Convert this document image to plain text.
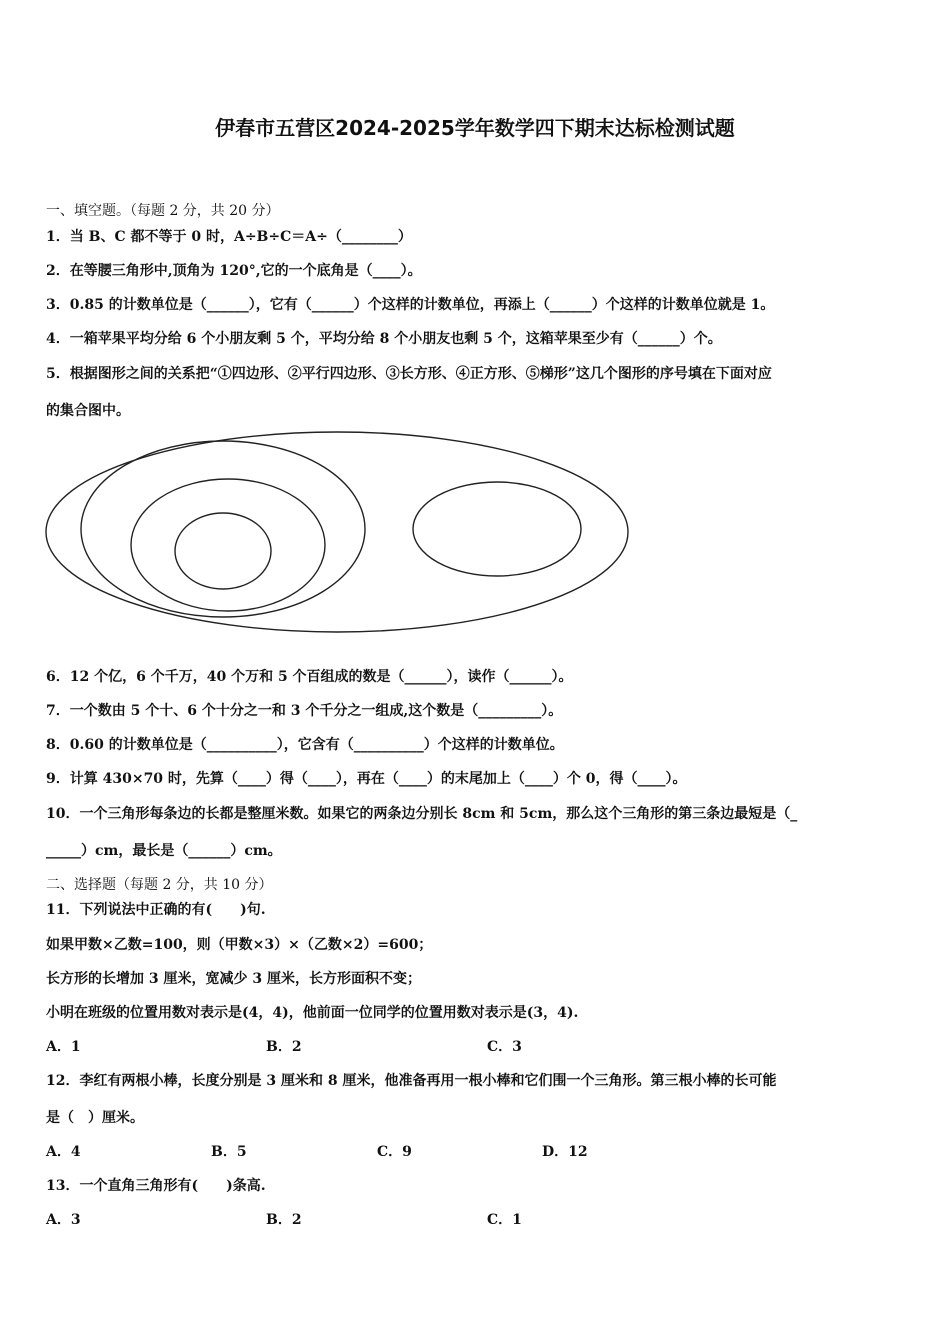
伊春市五营区2024-2025学年数学四下期末达标检测试题
一、填空题。（每题 2 分，共 20 分）
1．当 B、C 都不等于 0 时，A÷B÷C＝A÷（________）
2．在等腰三角形中,顶角为 120°,它的一个底角是（____）。
3．0.85 的计数单位是（______），它有（______）个这样的计数单位，再添上（______）个这样的计数单位就是 1。
4．一箱苹果平均分给 6 个小朋友剩 5 个，平均分给 8 个小朋友也剩 5 个，这箱苹果至少有（______）个。
5．根据图形之间的关系把“①四边形、②平行四边形、③长方形、④正方形、⑤梯形”这几个图形的序号填在下面对应
的集合图中。
6．12 个亿，6 个千万，40 个万和 5 个百组成的数是（______），读作（______）。
7．一个数由 5 个十、6 个十分之一和 3 个千分之一组成,这个数是（_________）。
8．0.60 的计数单位是（__________），它含有（__________）个这样的计数单位。
9．计算 430×70 时，先算（____）得（____），再在（____）的末尾加上（____）个 0，得（____）。
10．一个三角形每条边的长都是整厘米数。如果它的两条边分别长 8cm 和 5cm，那么这个三角形的第三条边最短是（_
_____）cm，最长是（______）cm。
二、选择题（每题 2 分，共 10 分）
11．下列说法中正确的有(　　)句.
如果甲数×乙数=100，则（甲数×3）×（乙数×2）=600；
长方形的长增加 3 厘米，宽减少 3 厘米，长方形面积不变；
小明在班级的位置用数对表示是(4，4)，他前面一位同学的位置用数对表示是(3，4).
A．1	B．2	C．3
12．李红有两根小棒，长度分别是 3 厘米和 8 厘米，他准备再用一根小棒和它们围一个三角形。第三根小棒的长可能
是（　）厘米。
A．4	B．5	C．9	D．12
13．一个直角三角形有(　　)条高.
A．3	B．2	C．1
